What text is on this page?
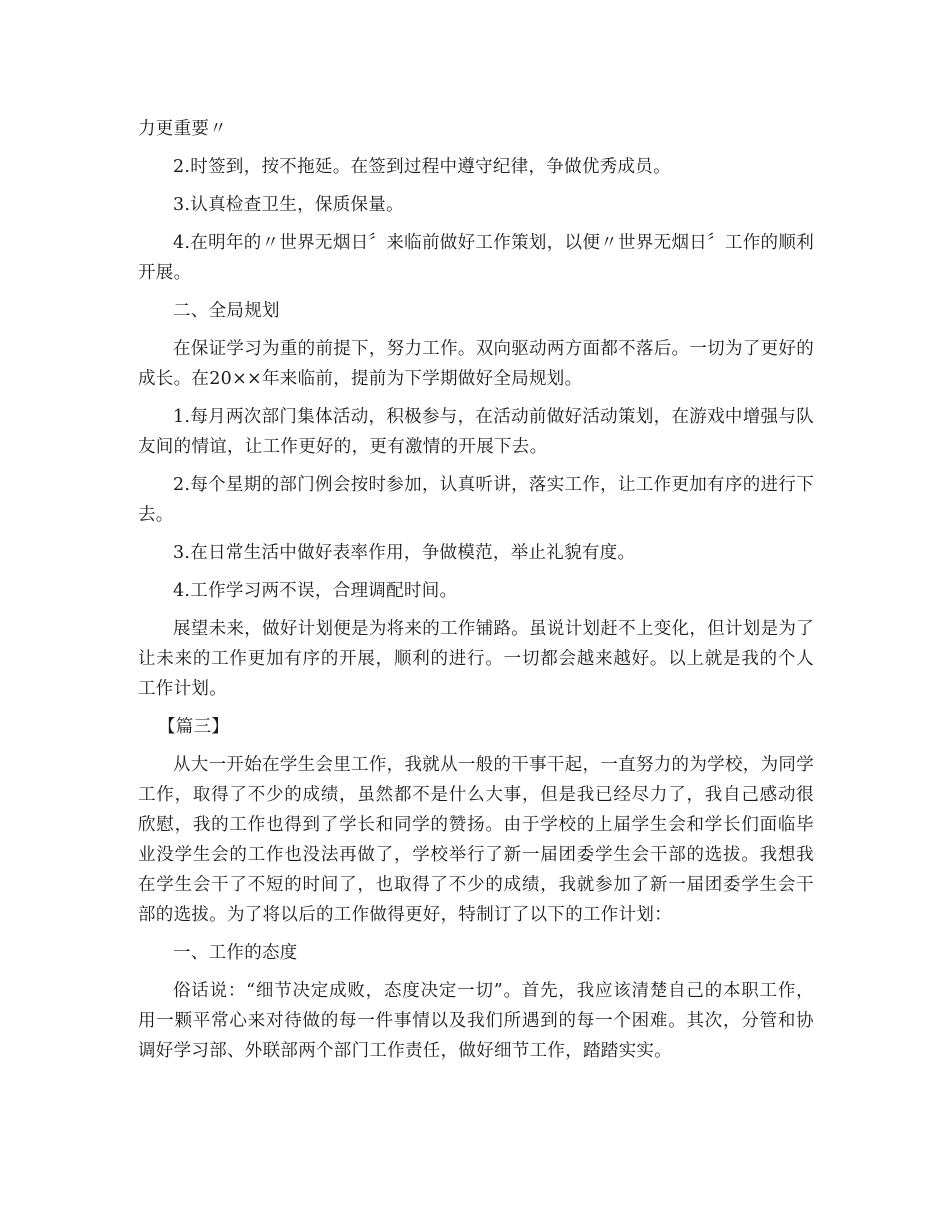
力更重要〃

2.时签到，按不拖延。在签到过程中遵守纪律，争做优秀成员。

3.认真检查卫生，保质保量。

4.在明年的〃世界无烟日〞来临前做好工作策划，以便〃世界无烟日〞工作的顺利开展。

二、全局规划

在保证学习为重的前提下，努力工作。双向驱动两方面都不落后。一切为了更好的成长。在20××年来临前，提前为下学期做好全局规划。

1.每月两次部门集体活动，积极参与，在活动前做好活动策划，在游戏中增强与队友间的情谊，让工作更好的，更有激情的开展下去。

2.每个星期的部门例会按时参加，认真听讲，落实工作，让工作更加有序的进行下去。

3.在日常生活中做好表率作用，争做模范，举止礼貌有度。

4.工作学习两不误，合理调配时间。

展望未来，做好计划便是为将来的工作铺路。虽说计划赶不上变化，但计划是为了让未来的工作更加有序的开展，顺利的进行。一切都会越来越好。以上就是我的个人工作计划。

【篇三】

从大一开始在学生会里工作，我就从一般的干事干起，一直努力的为学校，为同学工作，取得了不少的成绩，虽然都不是什么大事，但是我已经尽力了，我自己感动很欣慰，我的工作也得到了学长和同学的赞扬。由于学校的上届学生会和学长们面临毕业没学生会的工作也没法再做了，学校举行了新一届团委学生会干部的选拔。我想我在学生会干了不短的时间了，也取得了不少的成绩，我就参加了新一届团委学生会干部的选拔。为了将以后的工作做得更好，特制订了以下的工作计划：

一、工作的态度

俗话说：“细节决定成败，态度决定一切”。首先，我应该清楚自己的本职工作，用一颗平常心来对待做的每一件事情以及我们所遇到的每一个困难。其次，分管和协调好学习部、外联部两个部门工作责任，做好细节工作，踏踏实实。
